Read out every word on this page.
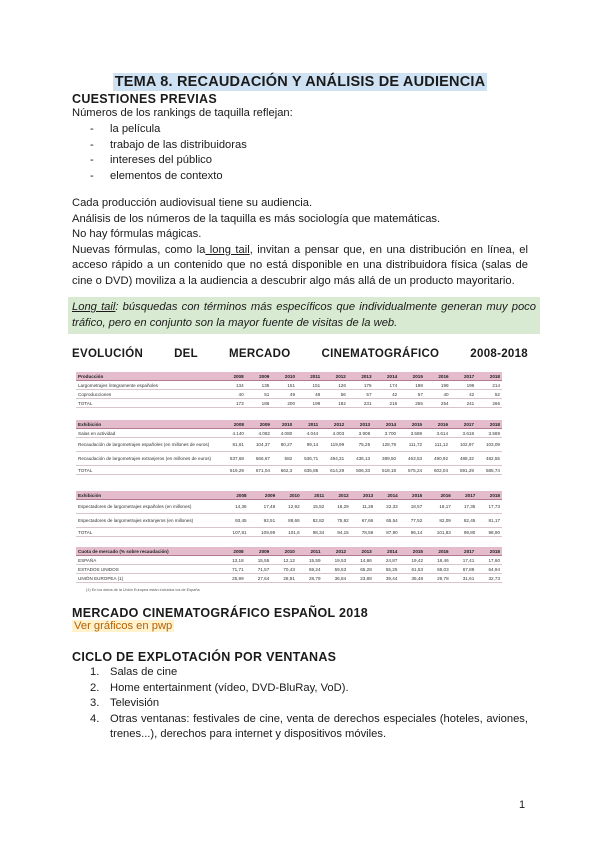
TEMA 8. RECAUDACIÓN Y ANÁLISIS DE AUDIENCIA
CUESTIONES PREVIAS
Números de los rankings de taquilla reflejan:
- la película
- trabajo de las distribuidoras
- intereses del público
- elementos de contexto
Cada producción audiovisual tiene su audiencia.
Análisis de los números de la taquilla es más sociología que matemáticas.
No hay fórmulas mágicas.
Nuevas fórmulas, como la long tail, invitan a pensar que, en una distribución en línea, el acceso rápido a un contenido que no está disponible en una distribuidora física (salas de cine o DVD) moviliza a la audiencia a descubrir algo más allá de un producto mayoritario.
Long tail: búsquedas con términos más específicos que individualmente generan muy poco tráfico, pero en conjunto son la mayor fuente de visitas de la web.
EVOLUCIÓN	DEL	MERCADO	CINEMATOGRÁFICO	2008-2018
Producción	2008	2009	2010	2011	2012	2013	2014	2015	2016	2017	2018
Largometrajes íntegramente españoles	134	135	151	151	126	176	174	198	199	199	214
Coproducciones	40	51	49	48	56	57	42	57	40	42	52
TOTAL	173	186	200	199	182	231	216	255	254	241	266
Exhibición	2008	2009	2010	2011	2012	2013	2014	2015	2016	2017	2018
Salas en actividad	4.140	4.082	4.080	4.044	4.003	3.908	3.700	3.589	3.614	3.618	3.589
Recaudación de largometrajes españoles (en millones de euros)	81,61	104,37	80,27	99,14	119,99	75,25	128,79	111,72	111,12	102,97	103,09
Recaudación de largometrajes extranjeros (en millones de euros)	537,68	566,67	582	536,71	494,31	436,13	389,50	463,53	490,92	488,32	482,55
TOTAL	619,29	671,04	662,3	635,85	614,29	506,33	518,18	575,24	602,04	591,29	585,74
Exhibición	2008	2009	2010	2011	2012	2013	2014	2015	2016	2017	2018
Espectadores de largometrajes españoles (en millones)	14,36	17,48	12,92	15,52	18,29	11,28	22,33	18,57	18,17	17,35	17,73
Espectadores de largometrajes extranjeros (en millones)	93,45	92,51	88,66	82,82	75,92	67,66	65,54	77,52	82,09	82,45	81,17
TOTAL	107,81	109,99	101,6	98,34	94,15	78,59	87,90	96,14	101,83	99,80	98,90
Cuota de mercado (% sobre recaudación)	2008	2009	2010	2011	2012	2013	2014	2015	2016	2017	2018
ESPAÑA	13,18	15,55	12,12	15,59	19,53	14,86	24,87	19,42	18,46	17,41	17,60
ESTADOS UNIDOS	71,71	71,57	70,43	69,24	59,53	65,28	55,25	61,53	68,03	67,89	64,94
UNIÓN EUROPEA (1)	25,99	27,64	28,91	28,79	36,84	23,88	39,44	35,48	29,78	31,61	32,73
(1) En los datos de la Unión Europea están incluidos los de España
MERCADO CINEMATOGRÁFICO ESPAÑOL 2018
Ver gráficos en pwp
CICLO DE EXPLOTACIÓN POR VENTANAS
1. Salas de cine
2. Home entertainment (vídeo, DVD-BluRay, VoD).
3. Televisión
4. Otras ventanas: festivales de cine, venta de derechos especiales (hoteles, aviones, trenes...), derechos para internet y dispositivos móviles.
1
